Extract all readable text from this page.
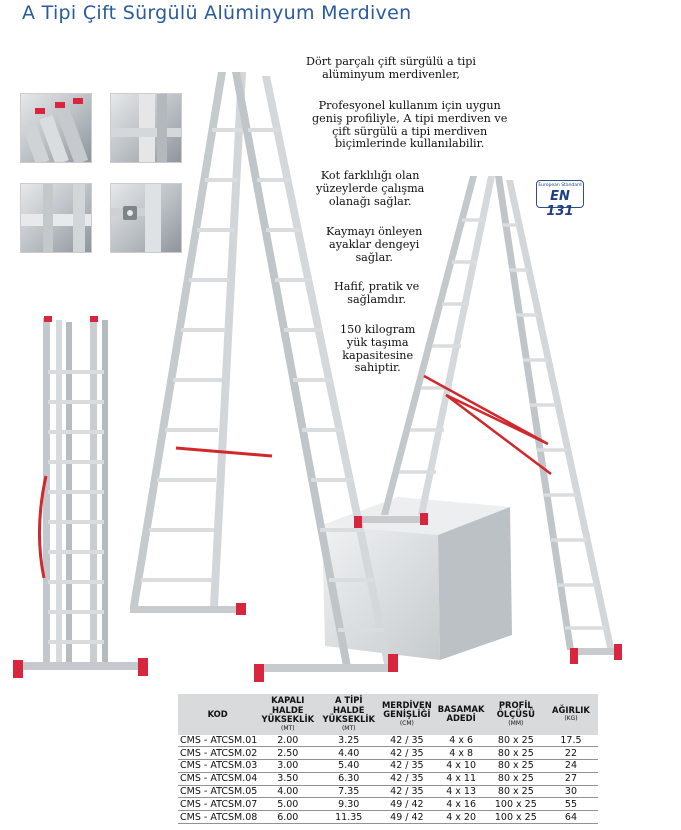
A Tipi Çift Sürgülü Alüminyum Merdiven
Dört parçalı çift sürgülü a tipi
alüminyum merdivenler,
Profesyonel kullanım için uygun
geniş profiliyle, A tipi merdiven ve
çift sürgülü a tipi merdiven
biçimlerinde kullanılabilir.
Kot farklılığı olan
yüzeylerde çalışma
olanağı sağlar.
Kaymayı önleyen
ayaklar dengeyi
sağlar.
Hafif, pratik ve
sağlamdır.
150 kilogram
yük taşıma
kapasitesine
sahiptir.
European Standard
EN 131
KOD	KAPALI HALDE
YÜKSEKLİK
(MT)	A TİPİ HALDE
YÜKSEKLİK
(MT)	MERDİVEN
GENİŞLİĞİ
(CM)	BASAMAK
ADEDİ	PROFİL
ÖLÇÜSÜ
(MM)	AĞIRLIK
(KG)

CMS - ATCSM.01	2.00	3.25	42 / 35	4 x 6	80 x 25	17.5
CMS - ATCSM.02	2.50	4.40	42 / 35	4 x 8	80 x 25	22
CMS - ATCSM.03	3.00	5.40	42 / 35	4 x 10	80 x 25	24
CMS - ATCSM.04	3.50	6.30	42 / 35	4 x 11	80 x 25	27
CMS - ATCSM.05	4.00	7.35	42 / 35	4 x 13	80 x 25	30
CMS - ATCSM.07	5.00	9.30	49 / 42	4 x 16	100 x 25	55
CMS - ATCSM.08	6.00	11.35	49 / 42	4 x 20	100 x 25	64
